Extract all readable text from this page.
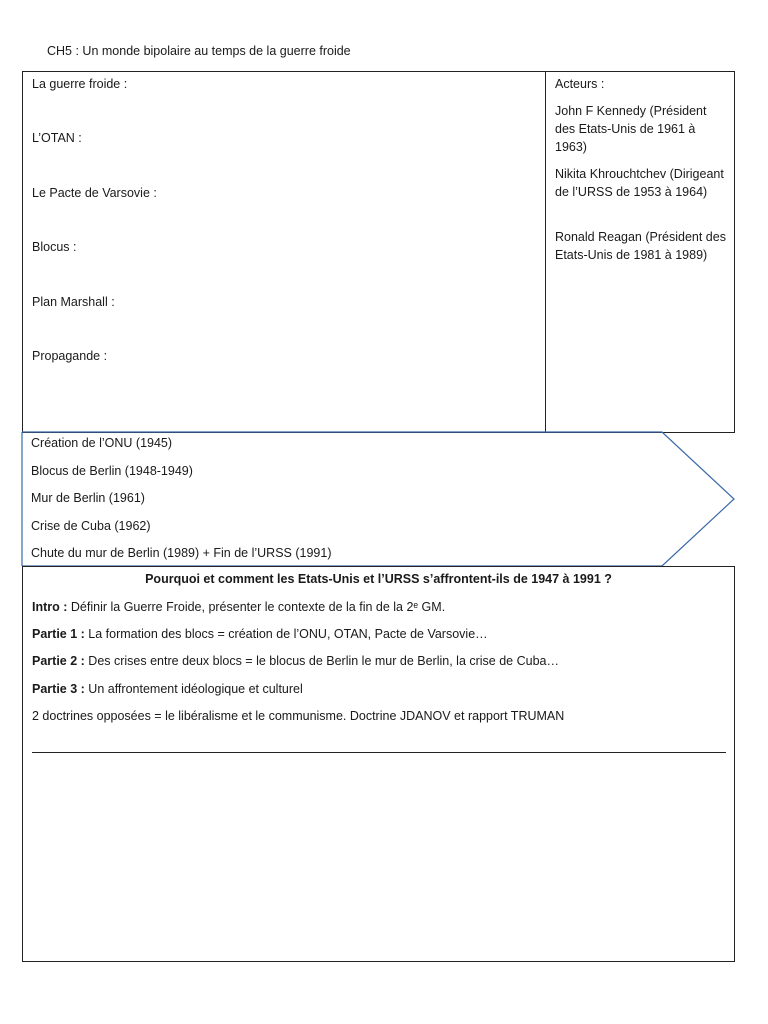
CH5 : Un monde bipolaire au temps de la guerre froide
La guerre froide :
L’OTAN :
Le Pacte de Varsovie :
Blocus :
Plan Marshall :
Propagande :
Acteurs :
John F Kennedy (Président des Etats-Unis de 1961 à 1963)
Nikita Khrouchtchev (Dirigeant de l’URSS de 1953 à 1964)
Ronald Reagan (Président des Etats-Unis de 1981 à 1989)
Création de l’ONU (1945)
Blocus de Berlin (1948-1949)
Mur de Berlin (1961)
Crise de Cuba (1962)
Chute du mur de Berlin (1989) + Fin de l’URSS (1991)
Pourquoi et comment les Etats-Unis et l’URSS s’affrontent-ils de 1947 à 1991 ?
Intro : Définir la Guerre Froide, présenter le contexte de la fin de la 2ᵉ GM.
Partie 1 : La formation des blocs = création de l’ONU, OTAN, Pacte de Varsovie…
Partie 2 : Des crises entre deux blocs = le blocus de Berlin le mur de Berlin, la crise de Cuba…
Partie 3 : Un affrontement idéologique et culturel
2 doctrines opposées = le libéralisme et le communisme. Doctrine JDANOV et rapport TRUMAN
